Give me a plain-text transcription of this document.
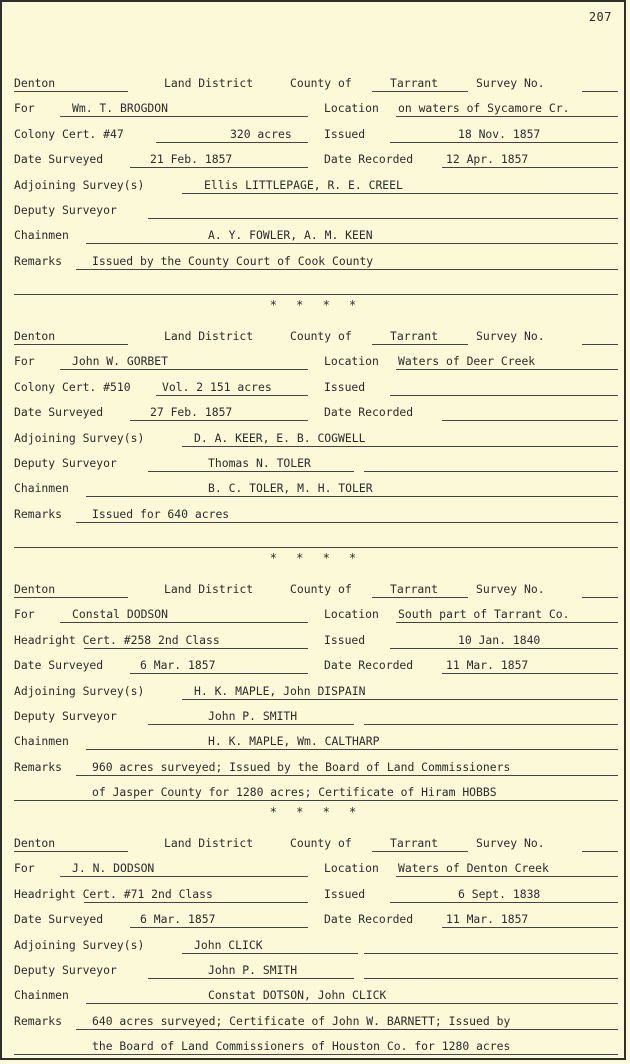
207
Denton	Land District	County of	Tarrant	Survey No.
For	Wm. T. BROGDON	Location on waters of Sycamore Cr.
Colony Cert. #47	320 acres	Issued	18 Nov. 1857
Date Surveyed	21 Feb. 1857	Date Recorded	12 Apr. 1857
Adjoining Survey(s)	Ellis LITTLEPAGE, R. E. CREEL
Deputy Surveyor
Chainmen	A. Y. FOWLER, A. M. KEEN
Remarks	Issued by the County Court of Cook County
Denton	Land District	County of	Tarrant	Survey No.
For	John W. GORBET	Location Waters of Deer Creek
Colony Cert. #510	Vol. 2 151 acres	Issued
Date Surveyed	27 Feb. 1857	Date Recorded
Adjoining Survey(s)	D. A. KEER, E. B. COGWELL
Deputy Surveyor	Thomas N. TOLER
Chainmen	B. C. TOLER, M. H. TOLER
Remarks	Issued for 640 acres
Denton	Land District	County of	Tarrant	Survey No.
For	Constal DODSON	Location South part of Tarrant Co.
Headright Cert. #258 2nd Class	Issued	10 Jan. 1840
Date Surveyed	6 Mar. 1857	Date Recorded	11 Mar. 1857
Adjoining Survey(s)	H. K. MAPLE, John DISPAIN
Deputy Surveyor	John P. SMITH
Chainmen	H. K. MAPLE, Wm. CALTHARP
Remarks	960 acres surveyed; Issued by the Board of Land Commissioners
of Jasper County for 1280 acres; Certificate of Hiram HOBBS
Denton	Land District	County of	Tarrant	Survey No.
For	J. N. DODSON	Location Waters of Denton Creek
Headright Cert. #71 2nd Class	Issued	6 Sept. 1838
Date Surveyed	6 Mar. 1857	Date Recorded	11 Mar. 1857
Adjoining Survey(s)	John CLICK
Deputy Surveyor	John P. SMITH
Chainmen	Constat DOTSON, John CLICK
Remarks	640 acres surveyed; Certificate of John W. BARNETT; Issued by
the Board of Land Commissioners of Houston Co. for 1280 acres
* * * *
* * * *
* * * *
